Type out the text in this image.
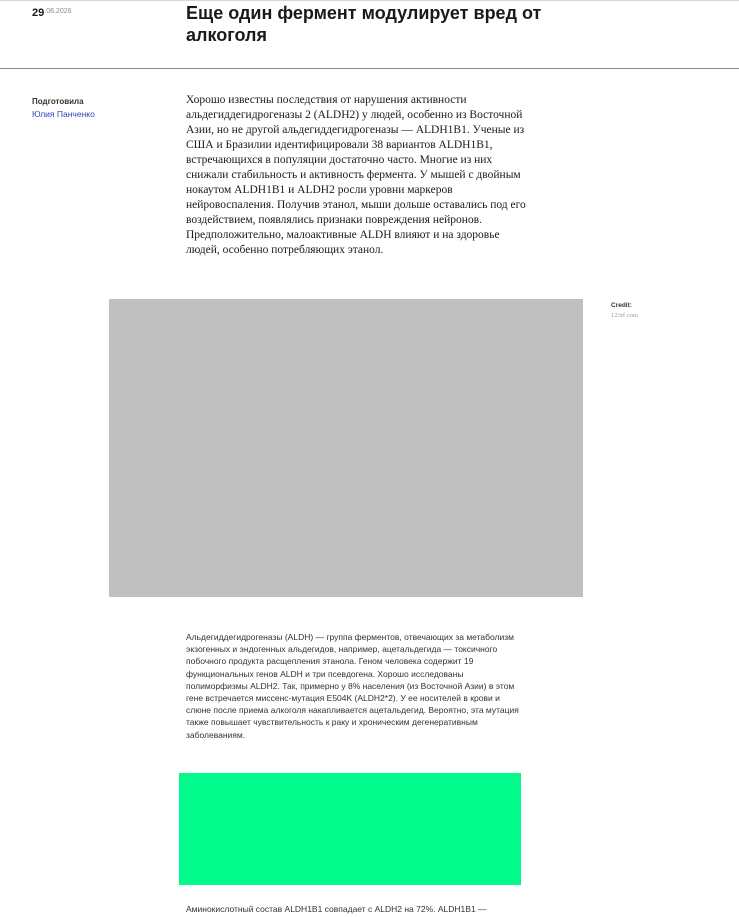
$29^{.06.2026}$	Еще один фермент модулирует вред от алкоголя
Подготовила
Юлия Панченко

Хорошо известны последствия от нарушения активности альдегиддегидрогеназы 2 (ALDH2) у людей, особенно из Восточной Азии, но не другой альдегиддегидрогеназы — ALDH1B1. Ученые из США и Бразилии идентифицировали 38 вариантов ALDH1B1, встречающихся в популяции достаточно часто. Многие из них снижали стабильность и активность фермента. У мышей с двойным нокаутом ALDH1B1 и ALDH2 росли уровни маркеров нейровоспаления. Получив этанол, мыши дольше оставались под его воздействием, появлялись признаки повреждения нейронов. Предположительно, малоактивные ALDH влияют и на здоровье людей, особенно потребляющих этанол.

Credit:
123rf.com

Альдегиддегидрогеназы (ALDH) — группа ферментов, отвечающих за метаболизм экзогенных и эндогенных альдегидов, например, ацетальдегида — токсичного побочного продукта расщепления этанола. Геном человека содержит 19 функциональных генов ALDH и три псевдогена. Хорошо исследованы полиморфизмы ALDH2. Так, примерно у 8% населения (из Восточной Азии) в этом гене встречается миссенс-мутация E504K (ALDH2*2). У ее носителей в крови и слюне после приема алкоголя накапливается ацетальдегид. Вероятно, эта мутация также повышает чувствительность к раку и хроническим дегенеративным заболеваниям.

Аминокислотный состав ALDH1B1 совпадает с ALDH2 на 72%. ALDH1B1 —
